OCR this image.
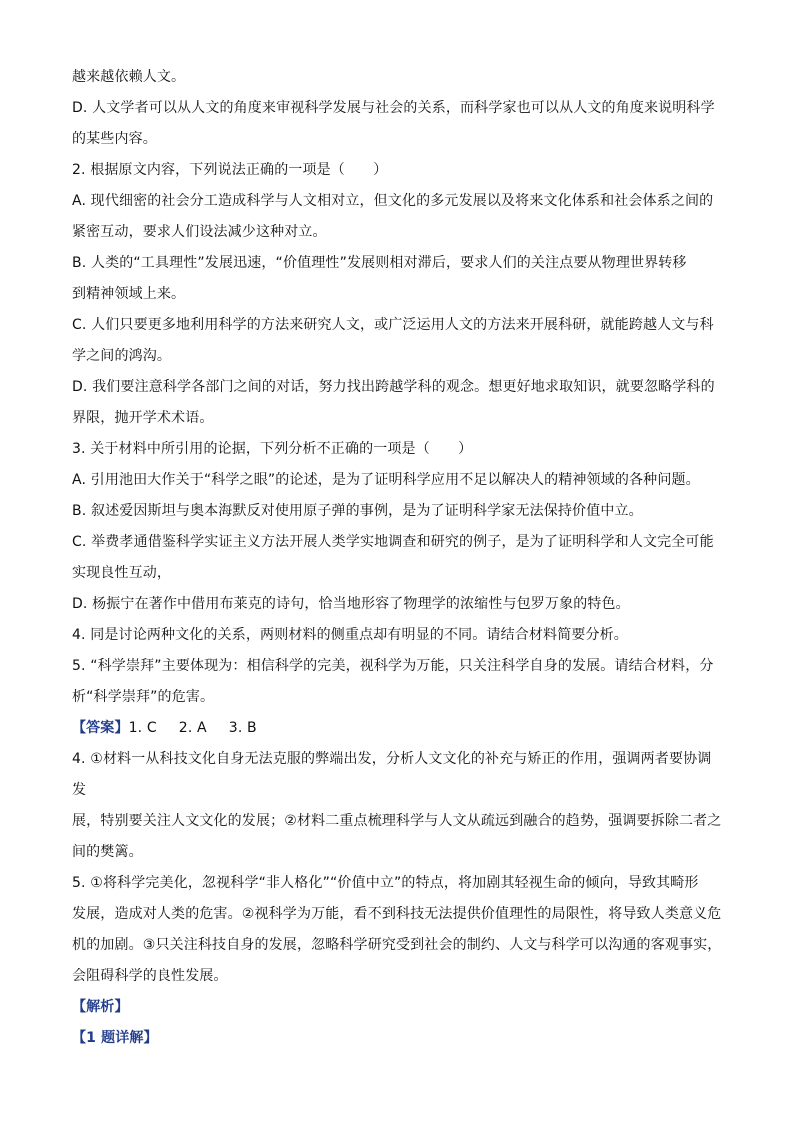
越来越依赖人文。

D. 人文学者可以从人文的角度来审视科学发展与社会的关系，而科学家也可以从人文的角度来说明科学

的某些内容。

2. 根据原文内容，下列说法正确的一项是（　　）

A. 现代细密的社会分工造成科学与人文相对立，但文化的多元发展以及将来文化体系和社会体系之间的

紧密互动，要求人们设法减少这种对立。

B. 人类的“工具理性”发展迅速，“价值理性”发展则相对滞后，要求人们的关注点要从物理世界转移

到精神领域上来。

C. 人们只要更多地利用科学的方法来研究人文，或广泛运用人文的方法来开展科研，就能跨越人文与科

学之间的鸿沟。

D. 我们要注意科学各部门之间的对话，努力找出跨越学科的观念。想更好地求取知识，就要忽略学科的

界限，抛开学术术语。

3. 关于材料中所引用的论据，下列分析不正确的一项是（　　）

A. 引用池田大作关于“科学之眼”的论述，是为了证明科学应用不足以解决人的精神领域的各种问题。

B. 叙述爱因斯坦与奥本海默反对使用原子弹的事例，是为了证明科学家无法保持价值中立。

C. 举费孝通借鉴科学实证主义方法开展人类学实地调查和研究的例子，是为了证明科学和人文完全可能

实现良性互动，

D. 杨振宁在著作中借用布莱克的诗句，恰当地形容了物理学的浓缩性与包罗万象的特色。

4. 同是讨论两种文化的关系，两则材料的侧重点却有明显的不同。请结合材料简要分析。

5. “科学崇拜”主要体现为：相信科学的完美，视科学为万能，只关注科学自身的发展。请结合材料，分

析“科学崇拜”的危害。

【答案】1. C 2. A 3. B

4. ①材料一从科技文化自身无法克服的弊端出发，分析人文文化的补充与矫正的作用，强调两者要协调发

展，特别要关注人文文化的发展；②材料二重点梳理科学与人文从疏远到融合的趋势，强调要拆除二者之

间的樊篱。

5. ①将科学完美化，忽视科学“非人格化”“价值中立”的特点，将加剧其轻视生命的倾向，导致其畸形

发展，造成对人类的危害。②视科学为万能，看不到科技无法提供价值理性的局限性，将导致人类意义危

机的加剧。③只关注科技自身的发展，忽略科学研究受到社会的制约、人文与科学可以沟通的客观事实，

会阻碍科学的良性发展。

【解析】

【1 题详解】
